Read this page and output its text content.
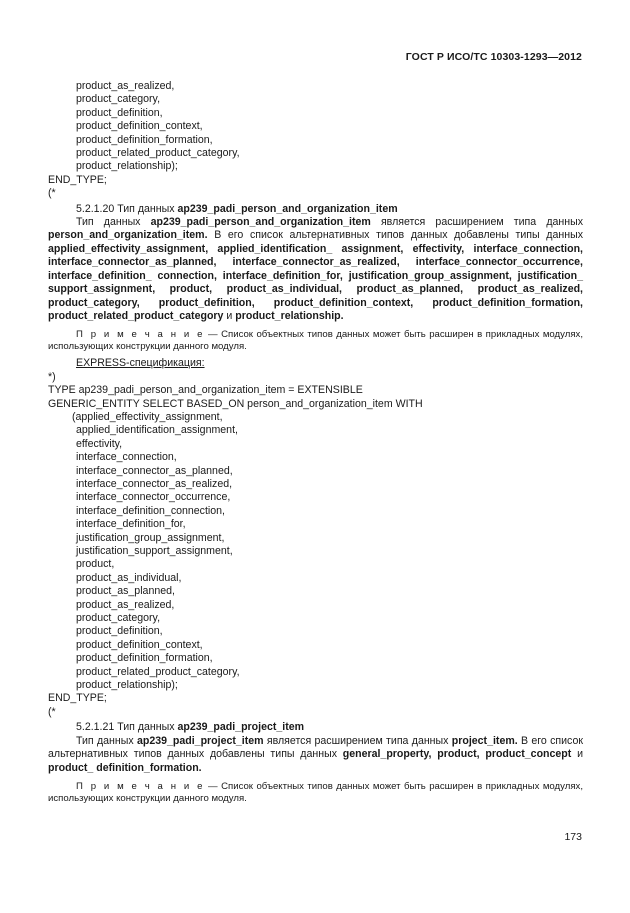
ГОСТ Р ИСО/ТС 10303-1293—2012
product_as_realized,
product_category,
product_definition,
product_definition_context,
product_definition_formation,
product_related_product_category,
product_relationship);
END_TYPE;
(*
5.2.1.20 Тип данных ap239_padi_person_and_organization_item
Тип данных ap239_padi_person_and_organization_item является расширением типа данных person_and_organization_item. В его список альтернативных типов данных добавлены типы данных applied_effectivity_assignment, applied_identification_ assignment, effectivity, interface_connection, interface_connector_as_planned, interface_connector_as_realized, interface_connector_occurrence, interface_definition_ connection, interface_definition_for, justification_group_assignment, justification_ support_assignment, product, product_as_individual, product_as_planned, product_as_realized, product_category, product_definition, product_definition_context, product_definition_formation, product_related_product_category и product_relationship.
П р и м е ч а н и е — Список объектных типов данных может быть расширен в прикладных модулях, использующих конструкции данного модуля.
EXPRESS-спецификация:
*)
TYPE ap239_padi_person_and_organization_item = EXTENSIBLE
GENERIC_ENTITY SELECT BASED_ON person_and_organization_item WITH
(applied_effectivity_assignment,
applied_identification_assignment,
effectivity,
interface_connection,
interface_connector_as_planned,
interface_connector_as_realized,
interface_connector_occurrence,
interface_definition_connection,
interface_definition_for,
justification_group_assignment,
justification_support_assignment,
product,
product_as_individual,
product_as_planned,
product_as_realized,
product_category,
product_definition,
product_definition_context,
product_definition_formation,
product_related_product_category,
product_relationship);
END_TYPE;
(*
5.2.1.21 Тип данных ap239_padi_project_item
Тип данных ap239_padi_project_item является расширением типа данных project_item. В его список альтернативных типов данных добавлены типы данных general_property, product, product_concept и product_ definition_formation.
П р и м е ч а н и е — Список объектных типов данных может быть расширен в прикладных модулях, использующих конструкции данного модуля.
173
